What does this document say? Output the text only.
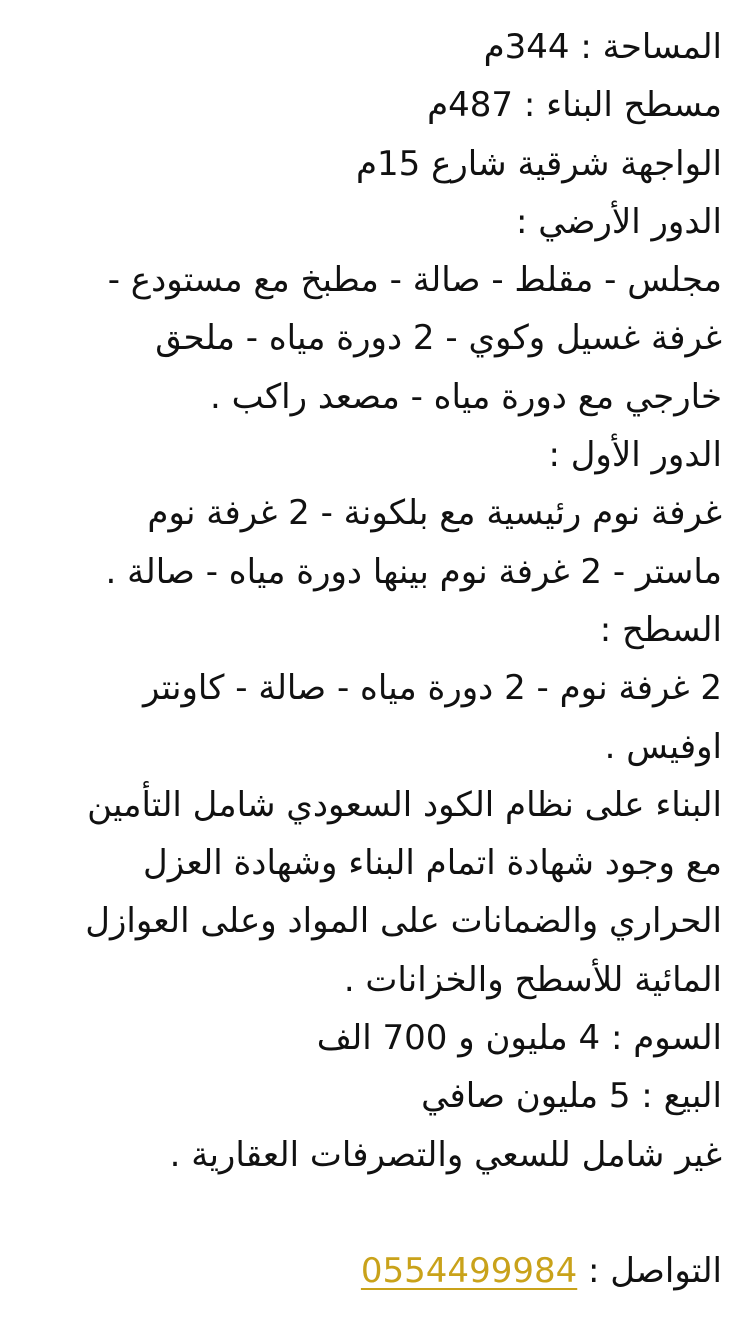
المساحة : 344م
مسطح البناء : 487م
الواجهة شرقية شارع 15م
الدور الأرضي :
مجلس - مقلط - صالة - مطبخ مع مستودع -
غرفة غسيل وكوي - 2 دورة مياه - ملحق
خارجي مع دورة مياه - مصعد راكب .
الدور الأول :
غرفة نوم رئيسية مع بلكونة - 2 غرفة نوم
ماستر - 2 غرفة نوم بينها دورة مياه - صالة .
السطح :
2 غرفة نوم - 2 دورة مياه - صالة - كاونتر
اوفيس .
البناء على نظام الكود السعودي شامل التأمين
مع وجود شهادة اتمام البناء وشهادة العزل
الحراري والضمانات على المواد وعلى العوازل
المائية للأسطح والخزانات .
السوم : 4 مليون و 700 الف
البيع : 5 مليون صافي
غير شامل للسعي والتصرفات العقارية .
التواصل : 0554499984
